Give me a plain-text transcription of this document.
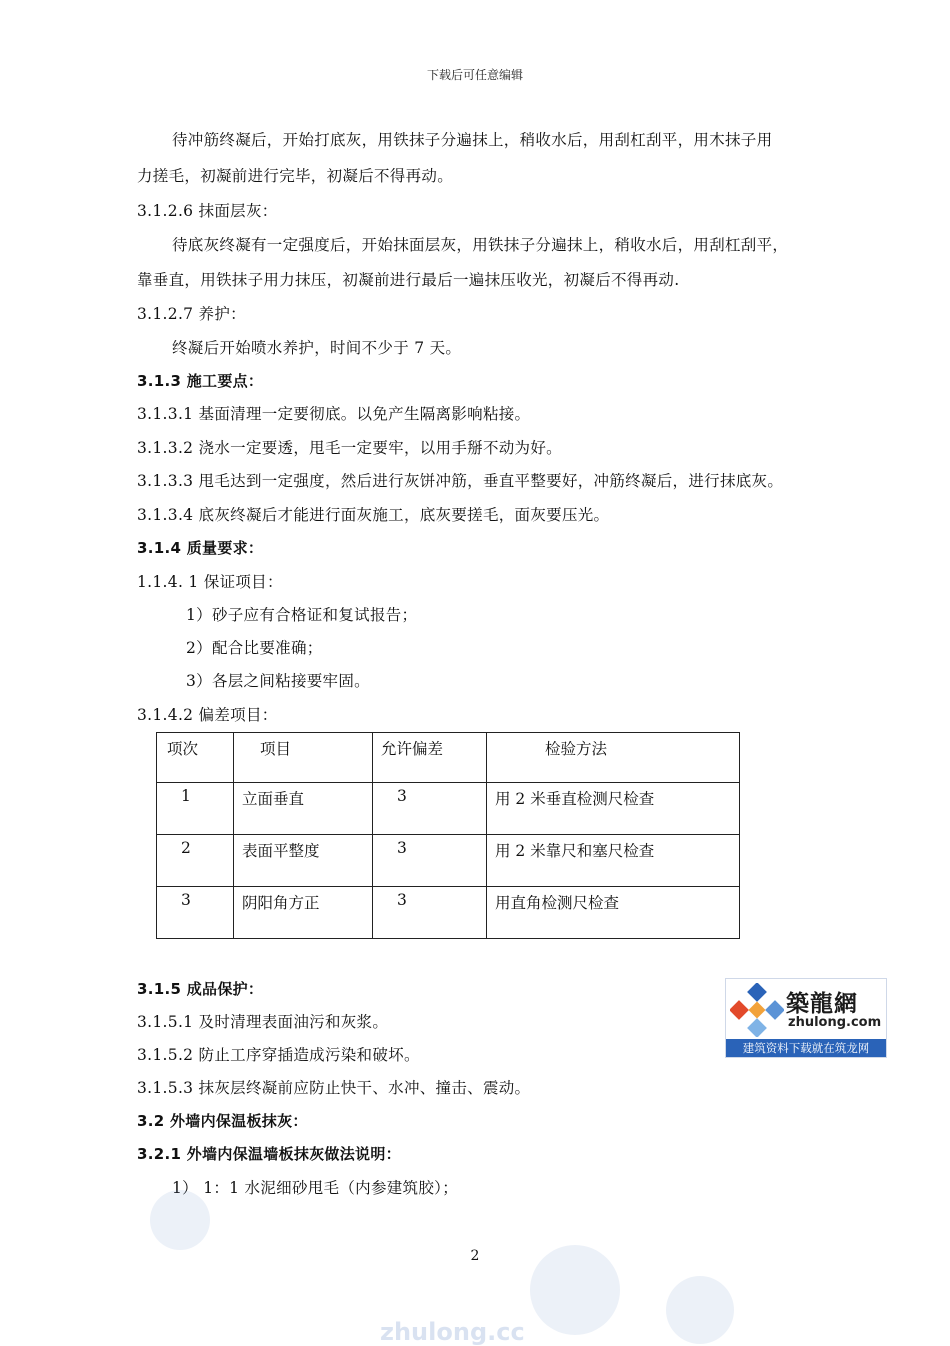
下载后可任意编辑
待冲筋终凝后，开始打底灰，用铁抹子分遍抹上，稍收水后，用刮杠刮平，用木抹子用
力搓毛，初凝前进行完毕，初凝后不得再动。
3.1.2.6 抹面层灰：
待底灰终凝有一定强度后，开始抹面层灰，用铁抹子分遍抹上，稍收水后，用刮杠刮平，
靠垂直，用铁抹子用力抹压，初凝前进行最后一遍抹压收光，初凝后不得再动.
3.1.2.7 养护：
终凝后开始喷水养护，时间不少于 7 天。
3.1.3 施工要点：
3.1.3.1 基面清理一定要彻底。以免产生隔离影响粘接。
3.1.3.2 浇水一定要透，甩毛一定要牢，以用手掰不动为好。
3.1.3.3 甩毛达到一定强度，然后进行灰饼冲筋，垂直平整要好，冲筋终凝后，进行抹底灰。
3.1.3.4 底灰终凝后才能进行面灰施工，底灰要搓毛，面灰要压光。
3.1.4 质量要求：
1.1.4. 1 保证项目：
1）砂子应有合格证和复试报告；
2）配合比要准确；
3）各层之间粘接要牢固。
3.1.4.2 偏差项目：
3.1.5 成品保护：
3.1.5.1 及时清理表面油污和灰浆。
3.1.5.2 防止工序穿插造成污染和破坏。
3.1.5.3 抹灰层终凝前应防止快干、水冲、撞击、震动。
3.2 外墙内保温板抹灰：
3.2.1 外墙内保温墙板抹灰做法说明：
1） 1：1 水泥细砂甩毛（内参建筑胶）；
项次	项目	允许偏差	检验方法
1	立面垂直	3	用 2 米垂直检测尺检查
2	表面平整度	3	用 2 米靠尺和塞尺检查
3	阴阳角方正	3	用直角检测尺检查
築龍網
zhulong.com
建筑资料下载就在筑龙网
2
zhulong.cc
